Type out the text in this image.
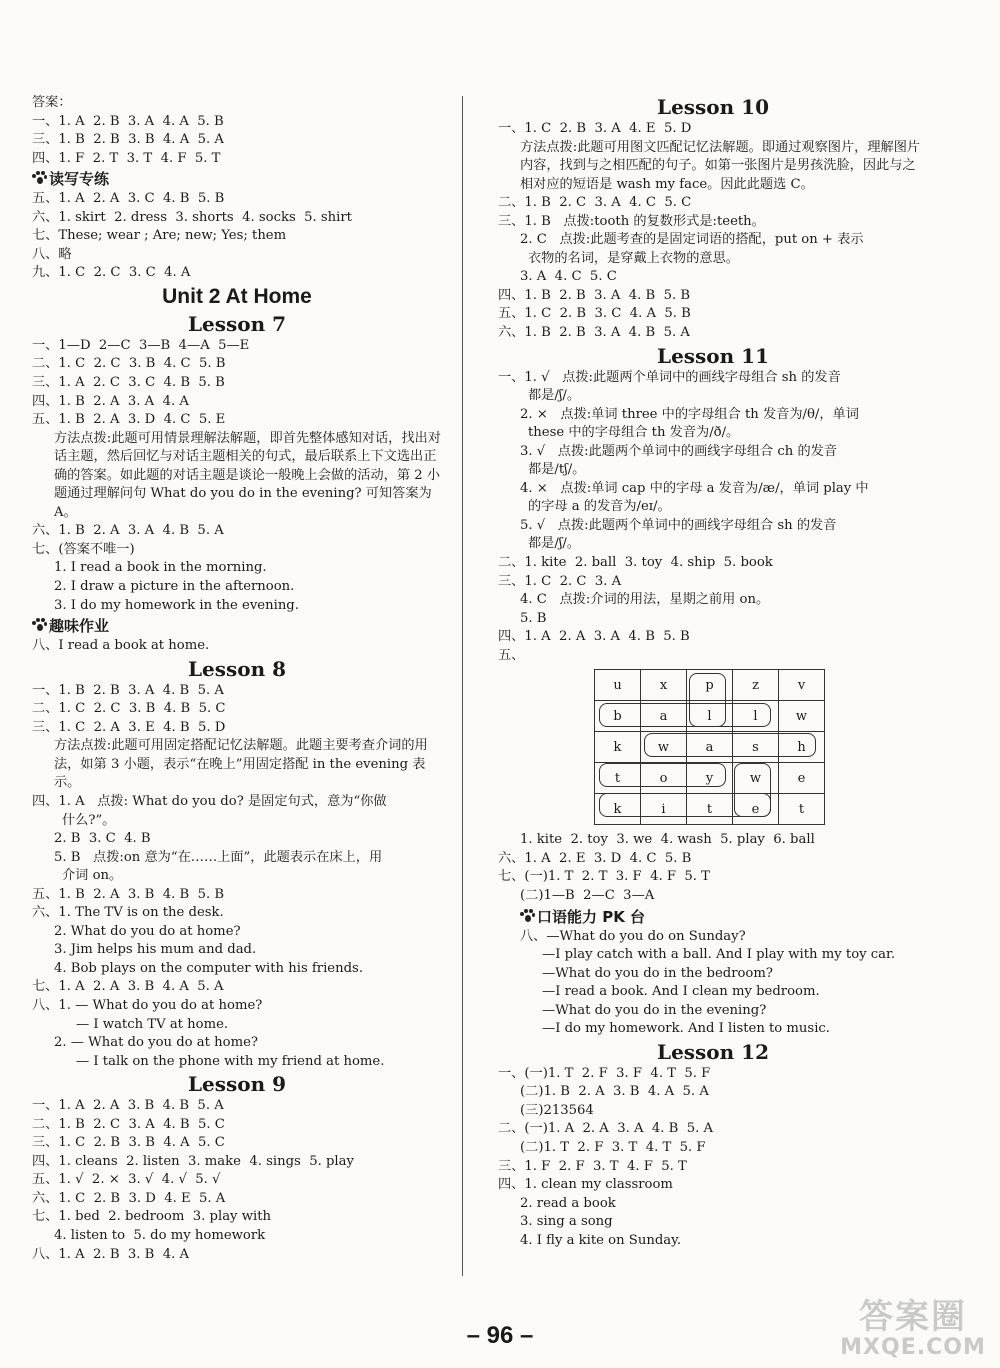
答案：
一、1. A  2. B  3. A  4. A  5. B
三、1. B  2. B  3. B  4. A  5. A
四、1. F  2. T  3. T  4. F  5. T
读写专练
五、1. A  2. A  3. C  4. B  5. B
六、1. skirt  2. dress  3. shorts  4. socks  5. shirt
七、These; wear ; Are; new; Yes; them
八、略
九、1. C  2. C  3. C  4. A
Unit 2 At Home
Lesson 7
一、1—D  2—C  3—B  4—A  5—E
二、1. C  2. C  3. B  4. C  5. B
三、1. A  2. C  3. C  4. B  5. B
四、1. B  2. A  3. A  4. A
五、1. B  2. A  3. D  4. C  5. E
方法点拨:此题可用情景理解法解题，即首先整体感知对话，找出对话主题，然后回忆与对话主题相关的句式，最后联系上下文选出正确的答案。如此题的对话主题是谈论一般晚上会做的活动，第 2 小题通过理解问句 What do you do in the evening? 可知答案为 A。
六、1. B  2. A  3. A  4. B  5. A
七、(答案不唯一)
1. I read a book in the morning.
2. I draw a picture in the afternoon.
3. I do my homework in the evening.
趣味作业
八、I read a book at home.
Lesson 8
一、1. B  2. B  3. A  4. B  5. A
二、1. C  2. C  3. B  4. B  5. C
三、1. C  2. A  3. E  4. B  5. D
方法点拨:此题可用固定搭配记忆法解题。此题主要考查介词的用法，如第 3 小题，表示“在晚上”用固定搭配 in the evening 表示。
四、1. A   点拨: What do you do? 是固定句式，意为“你做
什么?”。
2. B  3. C  4. B
5. B   点拨:on 意为“在……上面”，此题表示在床上，用
介词 on。
五、1. B  2. A  3. B  4. B  5. B
六、1. The TV is on the desk.
2. What do you do at home?
3. Jim helps his mum and dad.
4. Bob plays on the computer with his friends.
七、1. A  2. A  3. B  4. A  5. A
八、1. — What do you do at home?
— I watch TV at home.
2. — What do you do at home?
— I talk on the phone with my friend at home.
Lesson 9
一、1. A  2. A  3. B  4. B  5. A
二、1. B  2. C  3. A  4. B  5. C
三、1. C  2. B  3. B  4. A  5. C
四、1. cleans  2. listen  3. make  4. sings  5. play
五、1. √  2. ×  3. √  4. √  5. √
六、1. C  2. B  3. D  4. E  5. A
七、1. bed  2. bedroom  3. play with
4. listen to  5. do my homework
八、1. A  2. B  3. B  4. A
Lesson 10
一、1. C  2. B  3. A  4. E  5. D
方法点拨:此题可用图文匹配记忆法解题。即通过观察图片，理解图片内容，找到与之相匹配的句子。如第一张图片是男孩洗脸，因此与之相对应的短语是 wash my face。因此此题选 C。
二、1. B  2. C  3. A  4. C  5. C
三、1. B   点拨:tooth 的复数形式是:teeth。
2. C   点拨:此题考查的是固定词语的搭配，put on + 表示
衣物的名词，是穿戴上衣物的意思。
3. A  4. C  5. C
四、1. B  2. B  3. A  4. B  5. B
五、1. C  2. B  3. C  4. A  5. B
六、1. B  2. B  3. A  4. B  5. A
Lesson 11
一、1. √   点拨:此题两个单词中的画线字母组合 sh 的发音
都是/ʃ/。
2. ×   点拨:单词 three 中的字母组合 th 发音为/θ/，单词
these 中的字母组合 th 发音为/ð/。
3. √   点拨:此题两个单词中的画线字母组合 ch 的发音
都是/tʃ/。
4. ×   点拨:单词 cap 中的字母 a 发音为/æ/，单词 play 中
的字母 a 的发音为/eɪ/。
5. √   点拨:此题两个单词中的画线字母组合 sh 的发音
都是/ʃ/。
二、1. kite  2. ball  3. toy  4. ship  5. book
三、1. C  2. C  3. A
4. C   点拨:介词的用法，星期之前用 on。
5. B
四、1. A  2. A  3. A  4. B  5. B
五、
u	x	p	z	v
b	a	l	l	w
k	w	a	s	h
t	o	y	w	e
k	i	t	e	t
1. kite  2. toy  3. we  4. wash  5. play  6. ball
六、1. A  2. E  3. D  4. C  5. B
七、(一)1. T  2. T  3. F  4. F  5. T
(二)1—B  2—C  3—A
口语能力 PK 台
八、—What do you do on Sunday?
—I play catch with a ball. And I play with my toy car.
—What do you do in the bedroom?
—I read a book. And I clean my bedroom.
—What do you do in the evening?
—I do my homework. And I listen to music.
Lesson 12
一、(一)1. T  2. F  3. F  4. T  5. F
(二)1. B  2. A  3. B  4. A  5. A
(三)213564
二、(一)1. A  2. A  3. A  4. B  5. A
(二)1. T  2. F  3. T  4. T  5. F
三、1. F  2. F  3. T  4. F  5. T
四、1. clean my classroom
2. read a book
3. sing a song
4. I fly a kite on Sunday.
– 96 –	答案圈
MXQE.COM
